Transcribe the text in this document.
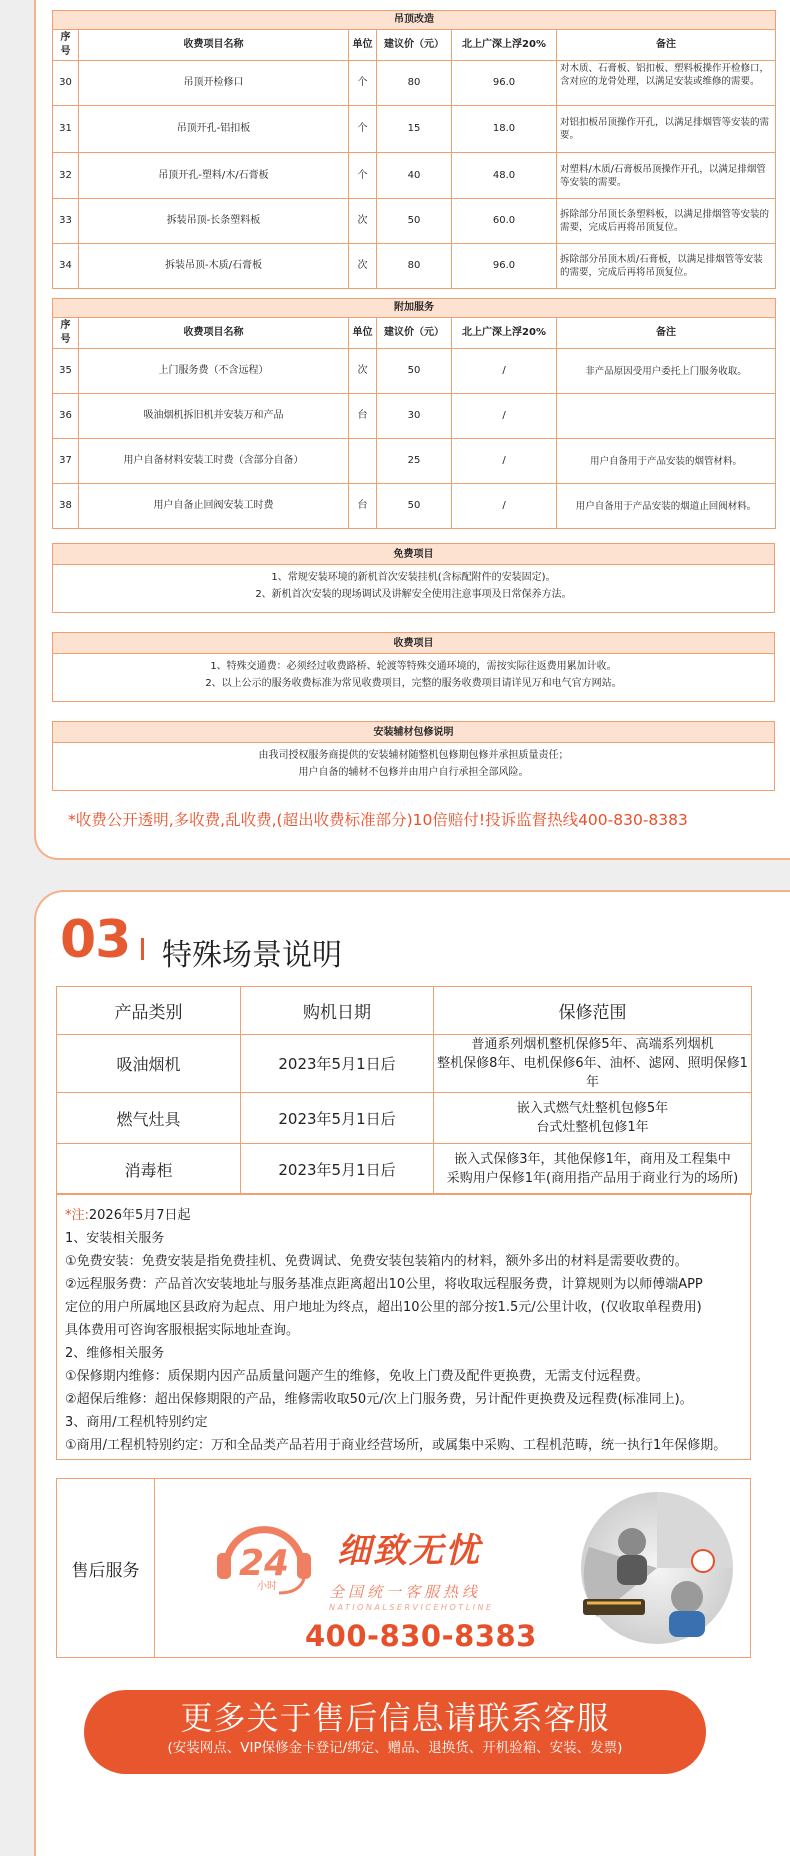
吊顶改造					
序号	收费项目名称	单位	建议价（元）	北上广深上浮20%	备注
30	吊顶开检修口	个	80	96.0	对木质、石膏板、铝扣板、塑料板操作开检修口，含对应的龙骨处理，以满足安装或维修的需要。

31	吊顶开孔-铝扣板	个	15	18.0	对铝扣板吊顶操作开孔，以满足排烟管等安装的需要。
32	吊顶开孔-塑料/木/石膏板	个	40	48.0	对塑料/木质/石膏板吊顶操作开孔，以满足排烟管等安装的需要。
33	拆装吊顶-长条塑料板	次	50	60.0	拆除部分吊顶长条塑料板，以满足排烟管等安装的需要，完成后再将吊顶复位。
34	拆装吊顶-木质/石膏板	次	80	96.0	拆除部分吊顶木质/石膏板，以满足排烟管等安装的需要，完成后再将吊顶复位。
附加服务					
序号	收费项目名称	单位	建议价（元）	北上广深上浮20%	备注
35	上门服务费（不含远程）	次	50	/	非产品原因受用户委托上门服务收取。
36	吸油烟机拆旧机并安装万和产品	台	30	/	
37	用户自备材料安装工时费（含部分自备）		25	/	用户自备用于产品安装的烟管材料。
38	用户自备止回阀安装工时费	台	50	/	用户自备用于产品安装的烟道止回阀材料。
免费项目
1、常规安装环境的新机首次安装挂机(含标配附件的安装固定)。
2、新机首次安装的现场调试及讲解安全使用注意事项及日常保养方法。
收费项目
1、特殊交通费：必须经过收费路桥、轮渡等特殊交通环境的，需按实际往返费用累加计收。
2、以上公示的服务收费标准为常见收费项目，完整的服务收费项目请详见万和电气官方网站。
安装辅材包修说明
由我司授权服务商提供的安装辅材随整机包修期包修并承担质量责任；
用户自备的辅材不包修并由用户自行承担全部风险。
*收费公开透明,多收费,乱收费,(超出收费标准部分)10倍赔付!投诉监督热线400-830-8383
03 特殊场景说明
产品类别	购机日期	保修范围
吸油烟机	2023年5月1日后	普通系列烟机整机保修5年、高端系列烟机
整机保修8年、电机保修6年、油杯、滤网、照明保修1年

燃气灶具	2023年5月1日后	嵌入式燃气灶整机包修5年
台式灶整机包修1年

消毒柜	2023年5月1日后	嵌入式保修3年，其他保修1年，商用及工程集中
采购用户保修1年(商用指产品用于商业行为的场所)
*注:2026年5月7日起
1、安装相关服务
①免费安装：免费安装是指免费挂机、免费调试、免费安装包装箱内的材料，额外多出的材料是需要收费的。
②远程服务费：产品首次安装地址与服务基准点距离超出10公里，将收取远程服务费，计算规则为以师傅端APP
定位的用户所属地区县政府为起点、用户地址为终点，超出10公里的部分按1.5元/公里计收，(仅收取单程费用)
具体费用可咨询客服根据实际地址查询。
2、维修相关服务
①保修期内维修：质保期内因产品质量问题产生的维修，免收上门费及配件更换费，无需支付远程费。
②超保后维修：超出保修期限的产品，维修需收取50元/次上门服务费，另计配件更换费及远程费(标准同上)。
3、商用/工程机特别约定
①商用/工程机特别约定：万和全品类产品若用于商业经营场所，或属集中采购、工程机范畴，统一执行1年保修期。
售后服务	24
小时
细致无忧
全国统一客服热线
NATIONALSERVICEHOTLINE
400-830-8383
更多关于售后信息请联系客服
(安装网点、VIP保修金卡登记/绑定、赠品、退换货、开机验箱、安装、发票)
